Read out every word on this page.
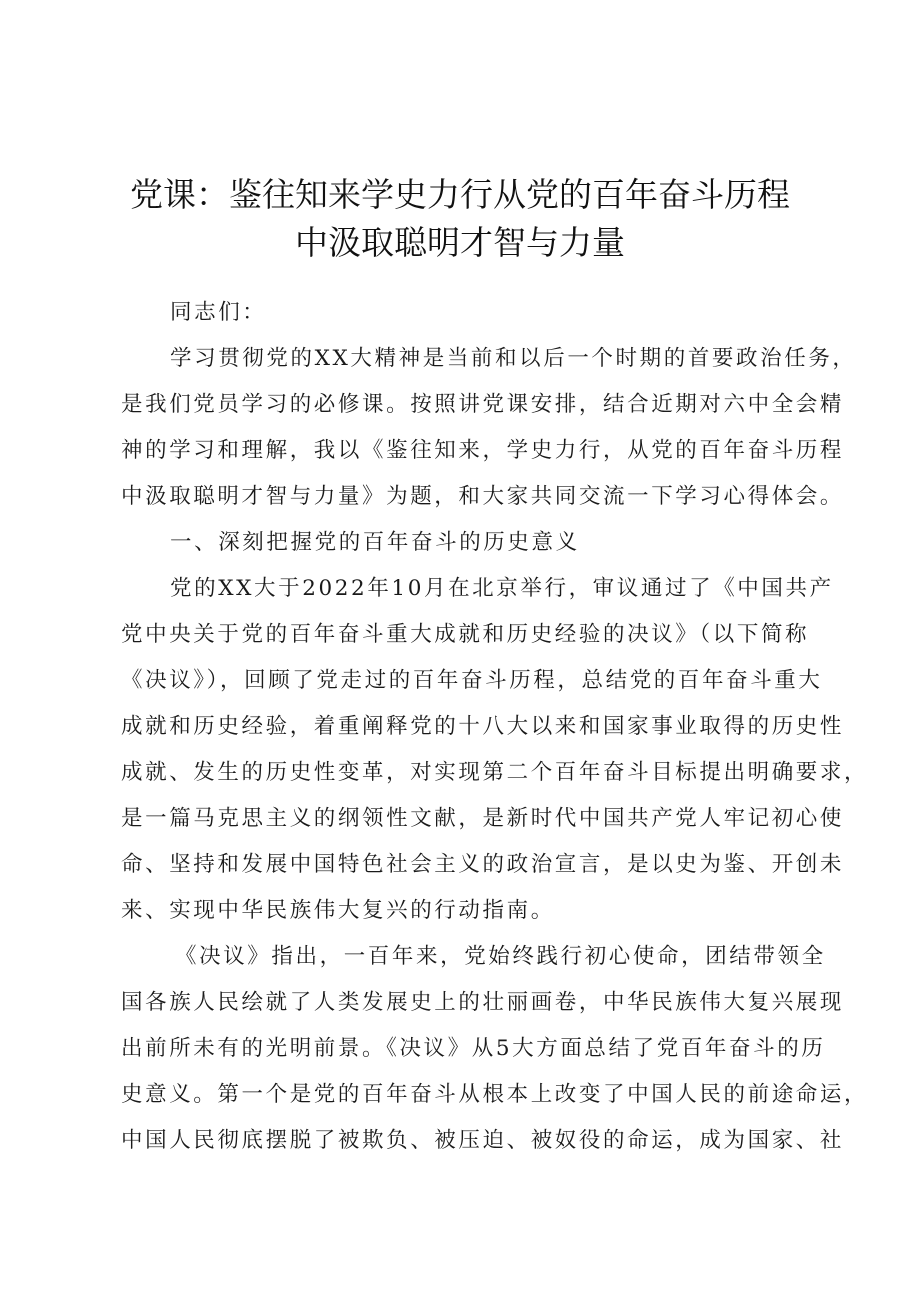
党课：鉴往知来学史力行从党的百年奋斗历程
中汲取聪明才智与力量

同志们：

学习贯彻党的XX大精神是当前和以后一个时期的首要政治任务，

是我们党员学习的必修课。按照讲党课安排，结合近期对六中全会精

神的学习和理解，我以《鉴往知来，学史力行，从党的百年奋斗历程

中汲取聪明才智与力量》为题，和大家共同交流一下学习心得体会。

一、深刻把握党的百年奋斗的历史意义

党的XX大于2022年10月在北京举行，审议通过了《中国共产

党中央关于党的百年奋斗重大成就和历史经验的决议》（以下简称

《决议》），回顾了党走过的百年奋斗历程，总结党的百年奋斗重大

成就和历史经验，着重阐释党的十八大以来和国家事业取得的历史性

成就、发生的历史性变革，对实现第二个百年奋斗目标提出明确要求，

是一篇马克思主义的纲领性文献，是新时代中国共产党人牢记初心使

命、坚持和发展中国特色社会主义的政治宣言，是以史为鉴、开创未

来、实现中华民族伟大复兴的行动指南。

《决议》指出，一百年来，党始终践行初心使命，团结带领全

国各族人民绘就了人类发展史上的壮丽画卷，中华民族伟大复兴展现

出前所未有的光明前景。《决议》从5大方面总结了党百年奋斗的历

史意义。第一个是党的百年奋斗从根本上改变了中国人民的前途命运，

中国人民彻底摆脱了被欺负、被压迫、被奴役的命运，成为国家、社
